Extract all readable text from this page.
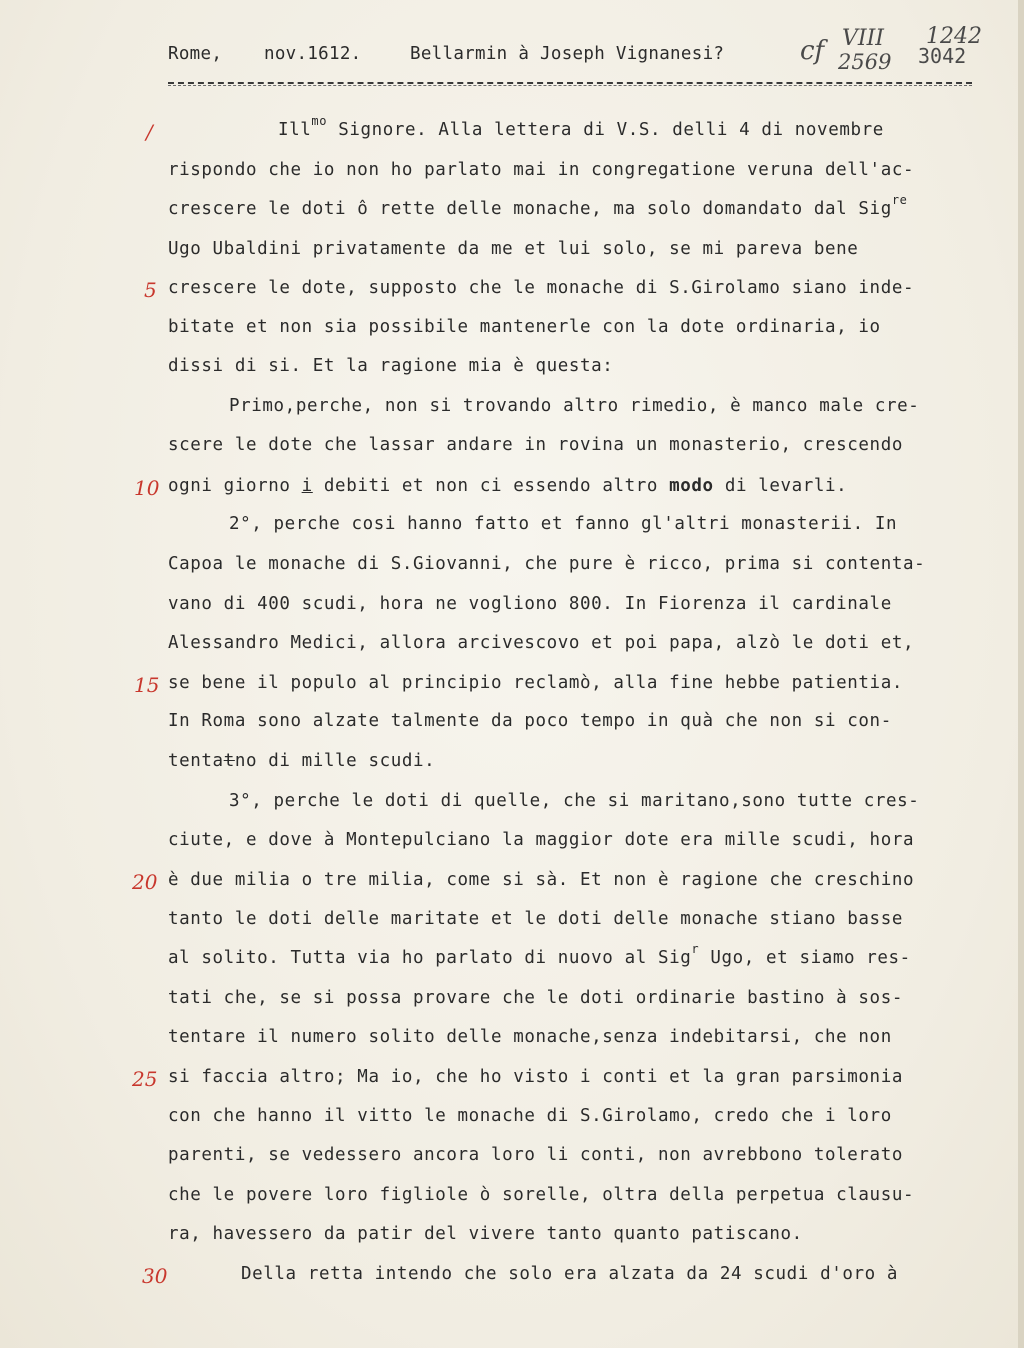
Rome, nov.1612.	Bellarmin à Joseph Vignanesi?	cf VIII
2569
1242
3042
/
5
10
15
20
25
30
Ill$^{mo}$ Signore. Alla lettera di V.S. delli 4 di novembre
rispondo che io non ho parlato mai in congregatione veruna dell'ac-
crescere le doti ô rette delle monache, ma solo domandato dal Sig$^{re}$
Ugo Ubaldini privatamente da me et lui solo, se mi pareva bene
crescere le dote, supposto che le monache di S.Girolamo siano inde-
bitate et non sia possibile mantenerle con la dote ordinaria, io
dissi di si. Et la ragione mia è questa:
Primo,perche, non si trovando altro rimedio, è manco male cre-
scere le dote che lassar andare in rovina un monasterio, crescendo
ogni giorno i debiti et non ci essendo altro modo di levarli.
2°, perche cosi hanno fatto et fanno gl'altri monasterii. In
Capoa le monache di S.Giovanni, che pure è ricco, prima si contenta-
vano di 400 scudi, hora ne vogliono 800. In Fiorenza il cardinale
Alessandro Medici, allora arcivescovo et poi papa, alzò le doti et,
se bene il populo al principio reclamò, alla fine hebbe patientia.
In Roma sono alzate talmente da poco tempo in quà che non si con-
tentatno di mille scudi.
3°, perche le doti di quelle, che si maritano,sono tutte cres-
ciute, e dove à Montepulciano la maggior dote era mille scudi, hora
è due milia o tre milia, come si sà. Et non è ragione che creschino
tanto le doti delle maritate et le doti delle monache stiano basse
al solito. Tutta via ho parlato di nuovo al Sig$^r$ Ugo, et siamo res-
tati che, se si possa provare che le doti ordinarie bastino à sos-
tentare il numero solito delle monache,senza indebitarsi, che non
si faccia altro; Ma io, che ho visto i conti et la gran parsimonia
con che hanno il vitto le monache di S.Girolamo, credo che i loro
parenti, se vedessero ancora loro li conti, non avrebbono tolerato
che le povere loro figliole ò sorelle, oltra della perpetua clausu-
ra, havessero da patir del vivere tanto quanto patiscano.
Della retta intendo che solo era alzata da 24 scudi d'oro à
